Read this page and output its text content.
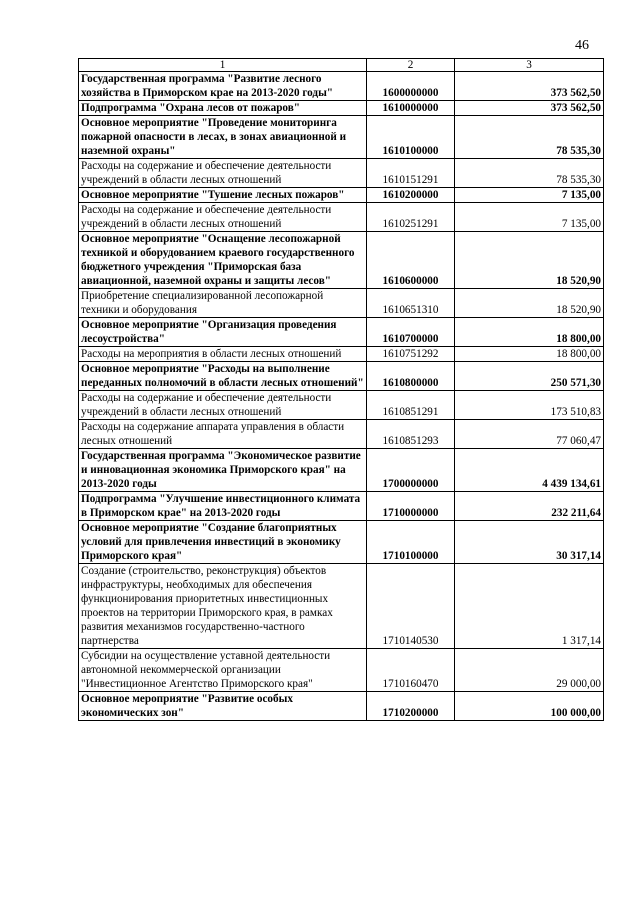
46
1	2	3
Государственная программа "Развитие лесного хозяйства в Приморском крае на 2013-2020 годы"	1600000000	373 562,50
Подпрограмма "Охрана лесов от пожаров"	1610000000	373 562,50
Основное мероприятие "Проведение мониторинга пожарной опасности в лесах, в зонах авиационной и наземной охраны"	1610100000	78 535,30
Расходы на содержание и обеспечение деятельности учреждений в области лесных отношений	1610151291	78 535,30
Основное мероприятие "Тушение лесных пожаров"	1610200000	7 135,00
Расходы на содержание и обеспечение деятельности учреждений в области лесных отношений	1610251291	7 135,00
Основное мероприятие "Оснащение лесопожарной техникой и оборудованием краевого государственного бюджетного учреждения "Приморская база авиационной, наземной охраны и защиты лесов"	1610600000	18 520,90
Приобретение специализированной лесопожарной техники и оборудования	1610651310	18 520,90
Основное мероприятие "Организация проведения лесоустройства"	1610700000	18 800,00
Расходы на мероприятия в области лесных отношений	1610751292	18 800,00
Основное мероприятие "Расходы на выполнение переданных полномочий в области лесных отношений"	1610800000	250 571,30
Расходы на содержание и обеспечение деятельности учреждений в области лесных отношений	1610851291	173 510,83
Расходы на содержание аппарата управления в области лесных отношений	1610851293	77 060,47
Государственная программа "Экономическое развитие и инновационная экономика Приморского края" на 2013-2020 годы	1700000000	4 439 134,61
Подпрограмма "Улучшение инвестиционного климата в Приморском крае" на 2013-2020 годы	1710000000	232 211,64
Основное мероприятие "Создание благоприятных условий для привлечения инвестиций в экономику Приморского края"	1710100000	30 317,14
Создание (строительство, реконструкция) объектов инфраструктуры, необходимых для обеспечения функционирования приоритетных инвестиционных проектов на территории Приморского края, в рамках развития механизмов государственно-частного партнерства	1710140530	1 317,14
Субсидии на осуществление уставной деятельности автономной некоммерческой организации "Инвестиционное Агентство Приморского края"	1710160470	29 000,00
Основное мероприятие "Развитие особых экономических зон"	1710200000	100 000,00
